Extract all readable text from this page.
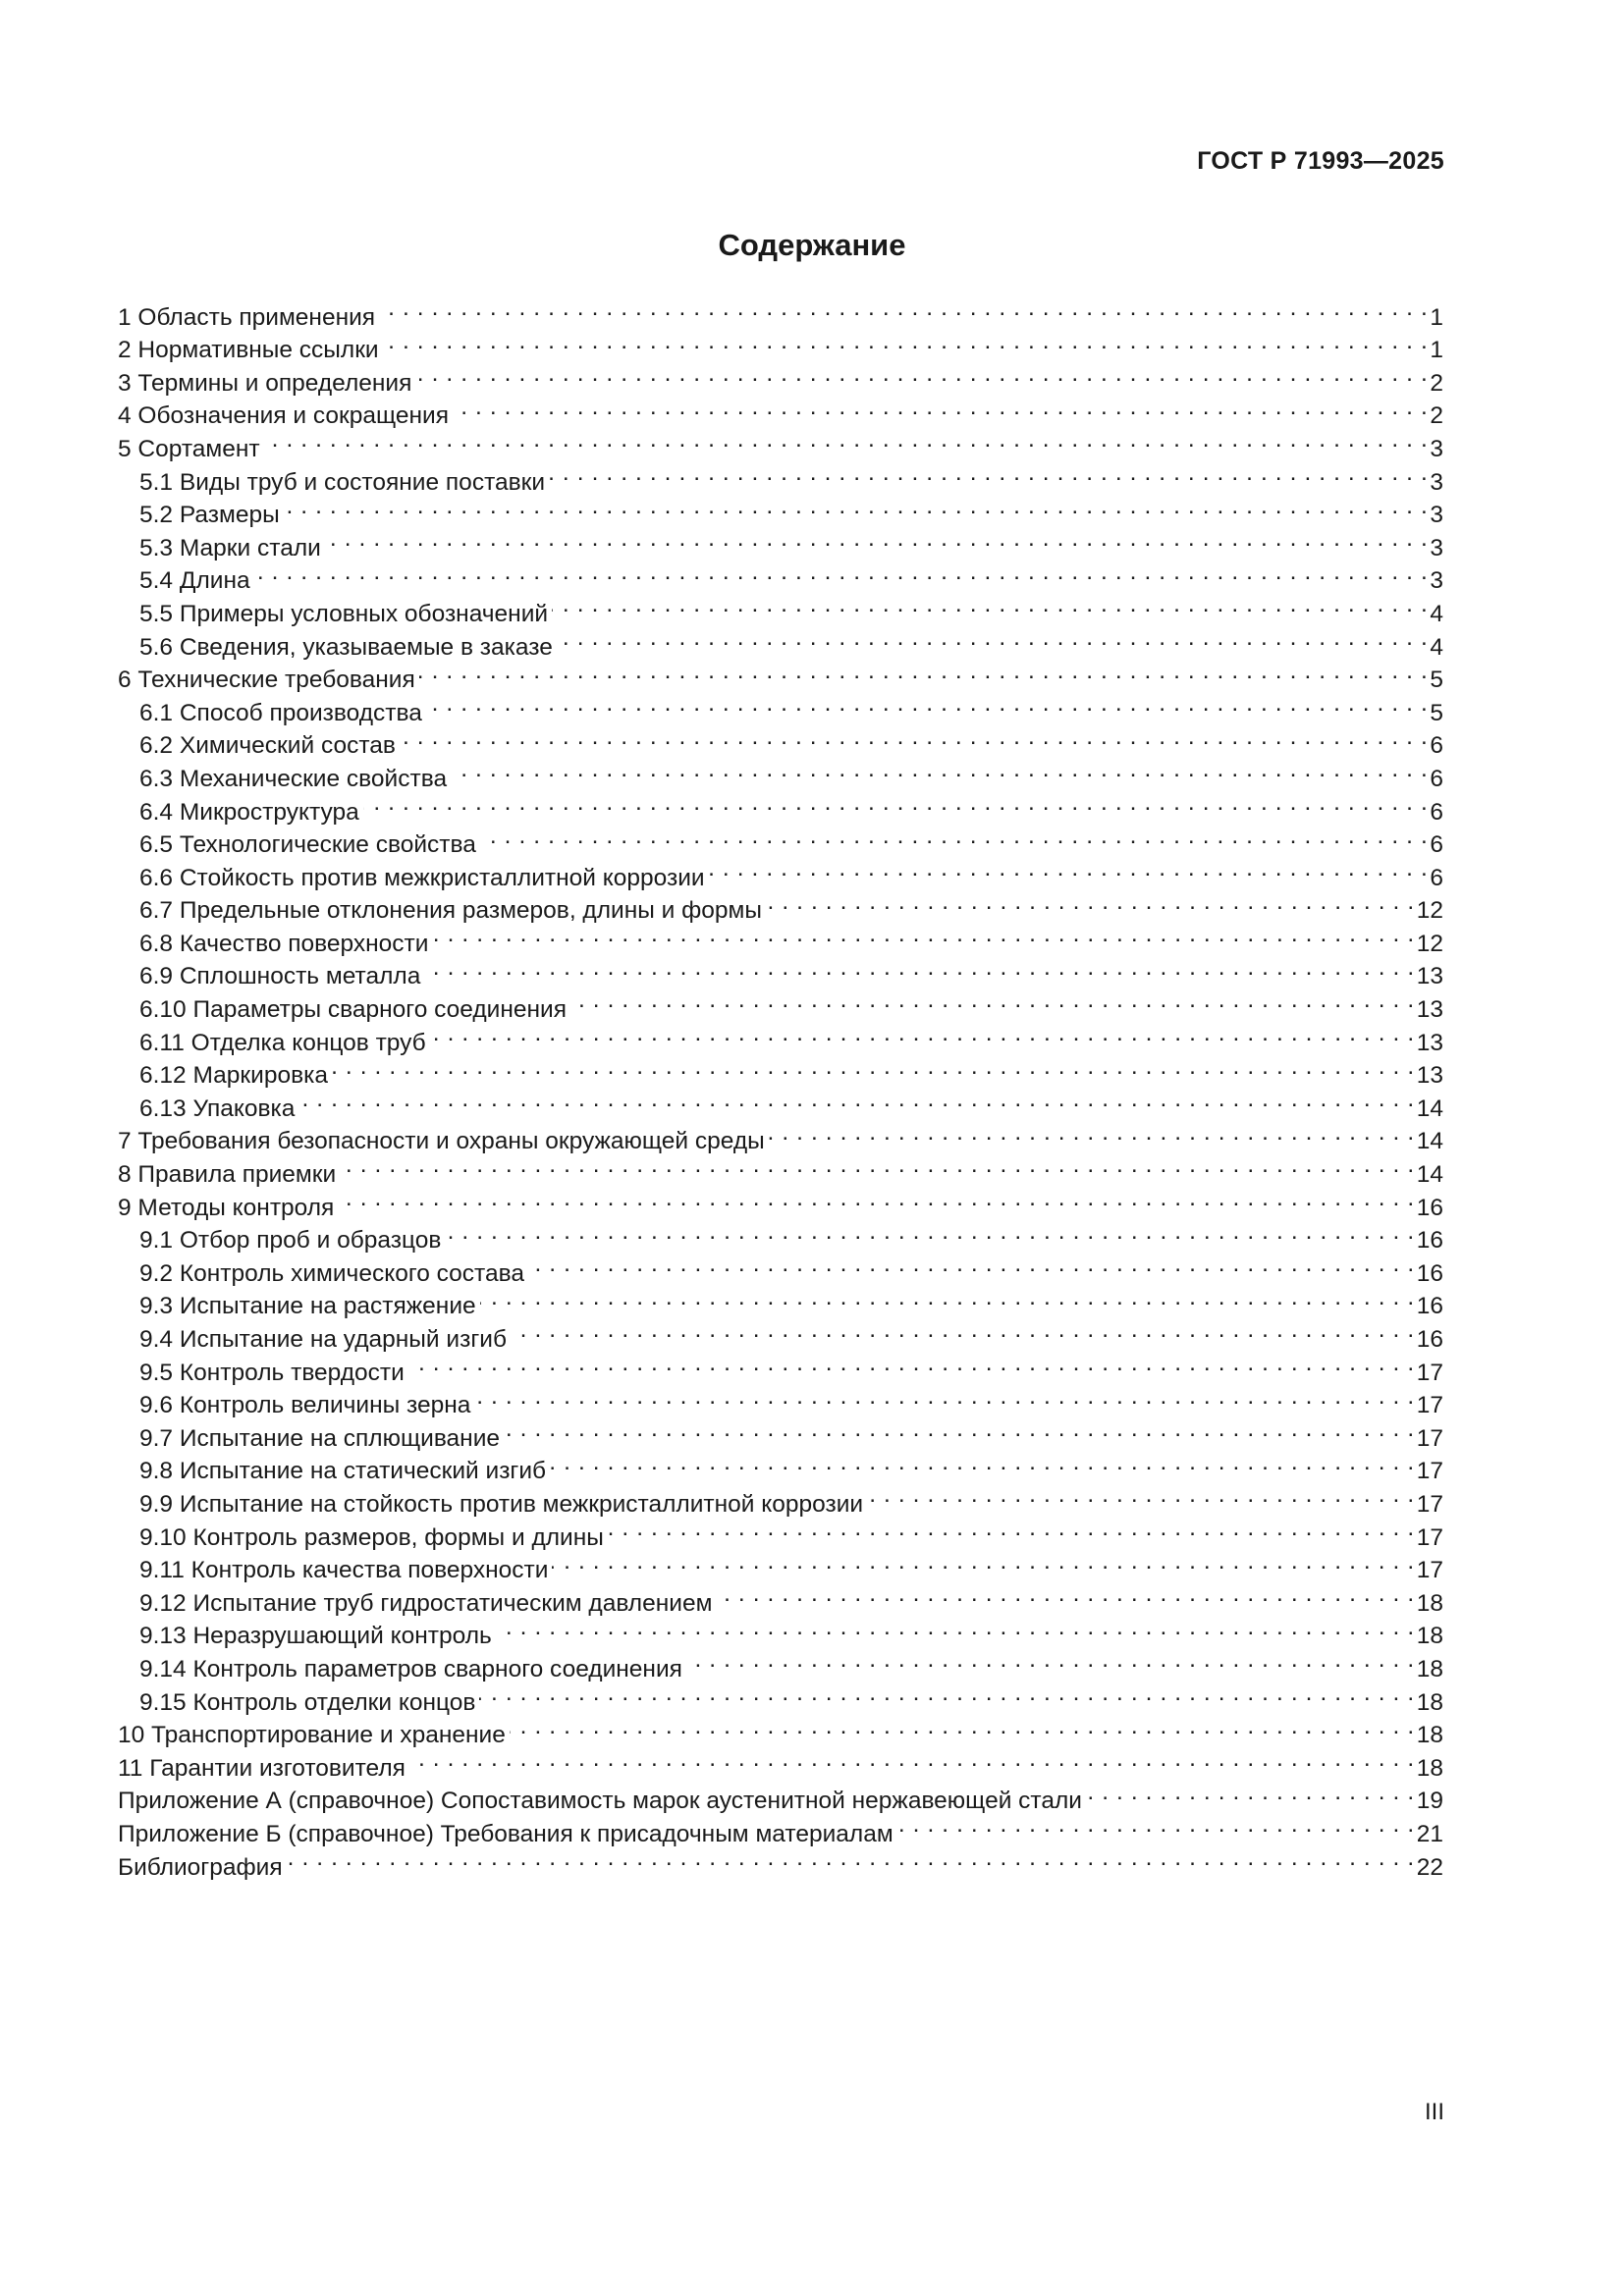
ГОСТ Р 71993—2025
Содержание
1 Область применения . . .	1
2 Нормативные ссылки . . .	1
3 Термины и определения . . .	2
4 Обозначения и сокращения . . .	2
5 Сортамент . . .	3
5.1 Виды труб и состояние поставки . . .	3
5.2 Размеры . . .	3
5.3 Марки стали . . .	3
5.4 Длина . . .	3
5.5 Примеры условных обозначений . . .	4
5.6 Сведения, указываемые в заказе . . .	4
6 Технические требования . . .	5
6.1 Способ производства . . .	5
6.2 Химический состав . . .	6
6.3 Механические свойства . . .	6
6.4 Микроструктура . . .	6
6.5 Технологические свойства . . .	6
6.6 Стойкость против межкристаллитной коррозии . . .	6
6.7 Предельные отклонения размеров, длины и формы . . .	12
6.8 Качество поверхности . . .	12
6.9 Сплошность металла . . .	13
6.10 Параметры сварного соединения . . .	13
6.11 Отделка концов труб . . .	13
6.12 Маркировка . . .	13
6.13 Упаковка . . .	14
7 Требования безопасности и охраны окружающей среды . . .	14
8 Правила приемки . . .	14
9 Методы контроля . . .	16
9.1 Отбор проб и образцов . . .	16
9.2 Контроль химического состава . . .	16
9.3 Испытание на растяжение . . .	16
9.4 Испытание на ударный изгиб . . .	16
9.5 Контроль твердости . . .	17
9.6 Контроль величины зерна . . .	17
9.7 Испытание на сплющивание . . .	17
9.8 Испытание на статический изгиб . . .	17
9.9 Испытание на стойкость против межкристаллитной коррозии . . .	17
9.10 Контроль размеров, формы и длины . . .	17
9.11 Контроль качества поверхности . . .	17
9.12 Испытание труб гидростатическим давлением . . .	18
9.13 Неразрушающий контроль . . .	18
9.14 Контроль параметров сварного соединения . . .	18
9.15 Контроль отделки концов . . .	18
10 Транспортирование и хранение . . .	18
11 Гарантии изготовителя . . .	18
Приложение А (справочное) Сопоставимость марок аустенитной нержавеющей стали . . .	19
Приложение Б (справочное) Требования к присадочным материалам . . .	21
Библиография . . .	22
III
